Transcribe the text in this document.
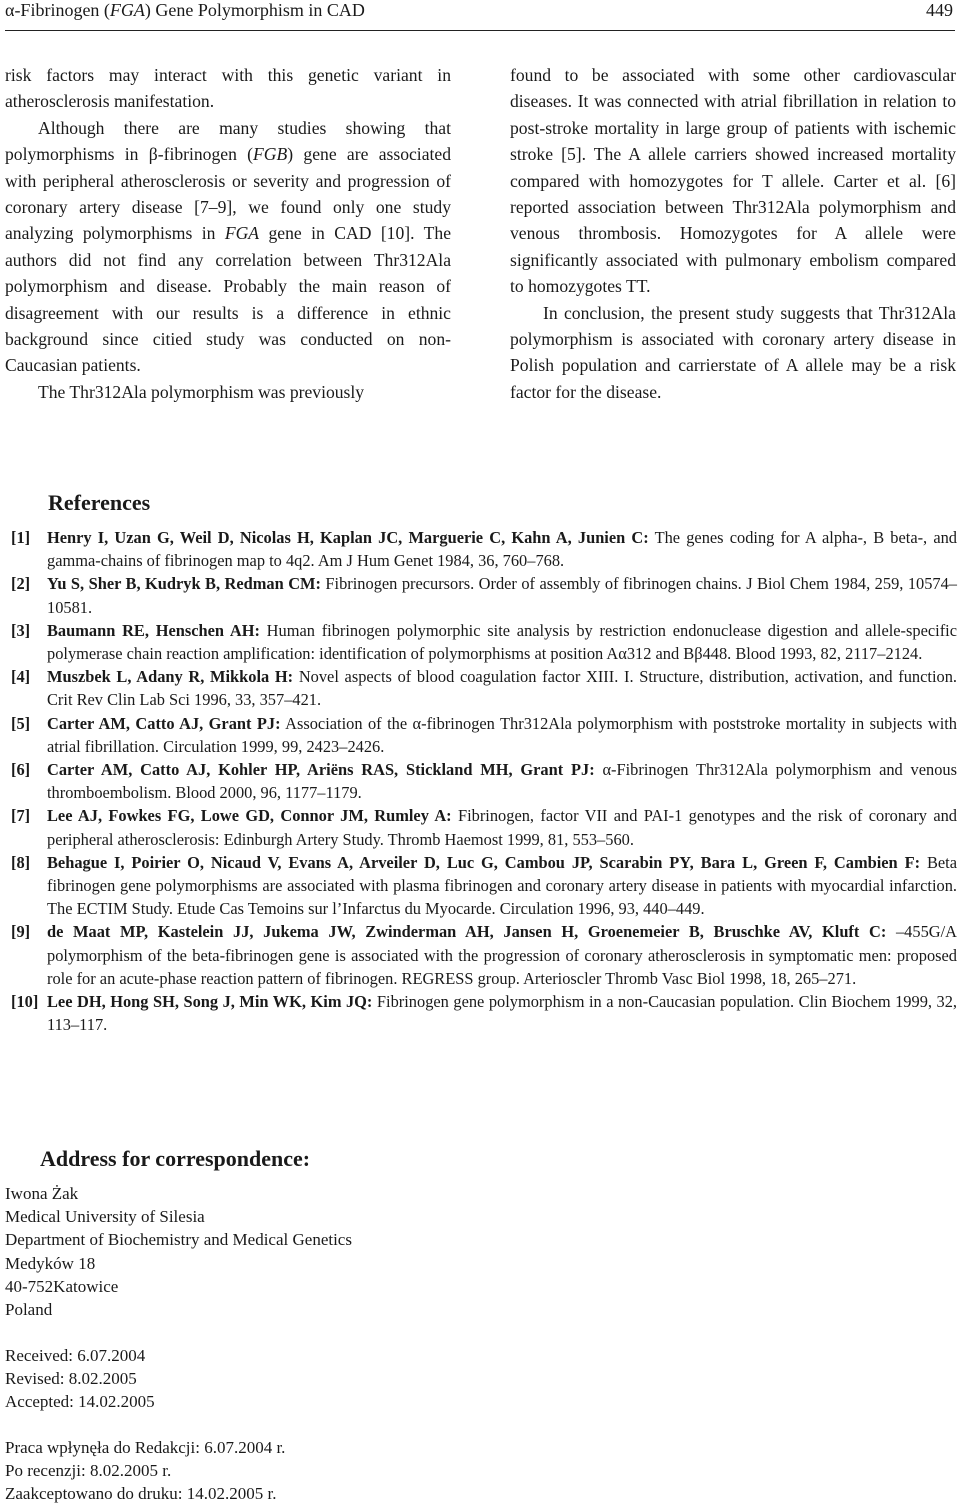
α-Fibrinogen (FGA) Gene Polymorphism in CAD	449

risk factors may interact with this genetic variant in atherosclerosis manifestation.

Although there are many studies showing that polymorphisms in β-fibrinogen (FGB) gene are associated with peripheral atherosclerosis or severity and progression of coronary artery disease [7–9], we found only one study analyzing polymorphisms in FGA gene in CAD [10]. The authors did not find any correlation between Thr312Ala polymorphism and disease. Probably the main reason of disagreement with our results is a difference in ethnic background since citied study was conducted on non-Caucasian patients.

The Thr312Ala polymorphism was previously

found to be associated with some other cardiovascular diseases. It was connected with atrial fibrillation in relation to post-stroke mortality in large group of patients with ischemic stroke [5]. The A allele carriers showed increased mortality compared with homozygotes for T allele. Carter et al. [6] reported association between Thr312Ala polymorphism and venous thrombosis. Homozygotes for A allele were significantly associated with pulmonary embolism compared to homozygotes TT.

In conclusion, the present study suggests that Thr312Ala polymorphism is associated with coronary artery disease in Polish population and carrierstate of A allele may be a risk factor for the disease.

References
[1] Henry I, Uzan G, Weil D, Nicolas H, Kaplan JC, Marguerie C, Kahn A, Junien C: The genes coding for A alpha-, B beta-, and gamma-chains of fibrinogen map to 4q2. Am J Hum Genet 1984, 36, 760–768.
[2] Yu S, Sher B, Kudryk B, Redman CM: Fibrinogen precursors. Order of assembly of fibrinogen chains. J Biol Chem 1984, 259, 10574–10581.
[3] Baumann RE, Henschen AH: Human fibrinogen polymorphic site analysis by restriction endonuclease digestion and allele-specific polymerase chain reaction amplification: identification of polymorphisms at position Aα312 and Bβ448. Blood 1993, 82, 2117–2124.
[4] Muszbek L, Adany R, Mikkola H: Novel aspects of blood coagulation factor XIII. I. Structure, distribution, activation, and function. Crit Rev Clin Lab Sci 1996, 33, 357–421.
[5] Carter AM, Catto AJ, Grant PJ: Association of the α-fibrinogen Thr312Ala polymorphism with poststroke mortality in subjects with atrial fibrillation. Circulation 1999, 99, 2423–2426.
[6] Carter AM, Catto AJ, Kohler HP, Ariëns RAS, Stickland MH, Grant PJ: α-Fibrinogen Thr312Ala polymorphism and venous thromboembolism. Blood 2000, 96, 1177–1179.
[7] Lee AJ, Fowkes FG, Lowe GD, Connor JM, Rumley A: Fibrinogen, factor VII and PAI-1 genotypes and the risk of coronary and peripheral atherosclerosis: Edinburgh Artery Study. Thromb Haemost 1999, 81, 553–560.
[8] Behague I, Poirier O, Nicaud V, Evans A, Arveiler D, Luc G, Cambou JP, Scarabin PY, Bara L, Green F, Cambien F: Beta fibrinogen gene polymorphisms are associated with plasma fibrinogen and coronary artery disease in patients with myocardial infarction. The ECTIM Study. Etude Cas Temoins sur l’Infarctus du Myocarde. Circulation 1996, 93, 440–449.
[9] de Maat MP, Kastelein JJ, Jukema JW, Zwinderman AH, Jansen H, Groenemeier B, Bruschke AV, Kluft C: –455G/A polymorphism of the beta-fibrinogen gene is associated with the progression of coronary atherosclerosis in symptomatic men: proposed role for an acute-phase reaction pattern of fibrinogen. REGRESS group. Arterioscler Thromb Vasc Biol 1998, 18, 265–271.
[10] Lee DH, Hong SH, Song J, Min WK, Kim JQ: Fibrinogen gene polymorphism in a non-Caucasian population. Clin Biochem 1999, 32, 113–117.
Address for correspondence:
Iwona Żak
Medical University of Silesia
Department of Biochemistry and Medical Genetics
Medyków 18
40-752Katowice
Poland
Received: 6.07.2004
Revised: 8.02.2005
Accepted: 14.02.2005
Praca wpłynęła do Redakcji: 6.07.2004 r.
Po recenzji: 8.02.2005 r.
Zaakceptowano do druku: 14.02.2005 r.
